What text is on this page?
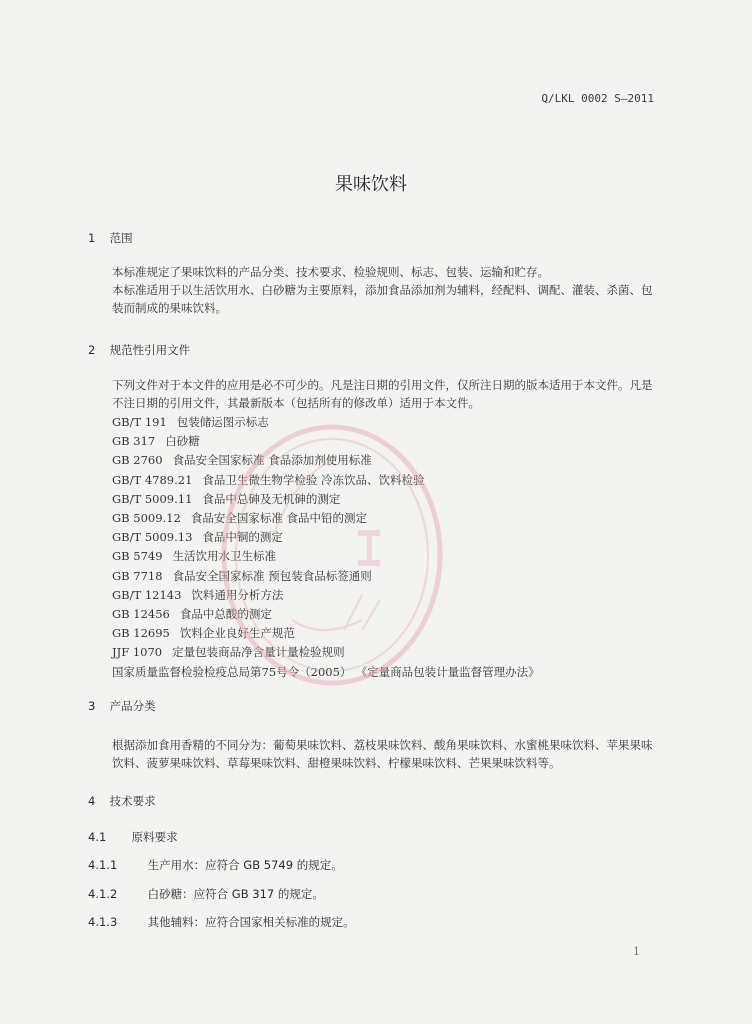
Q/LKL 0002 S—2011
果味饮料
1 范围
本标准规定了果味饮料的产品分类、技术要求、检验规则、标志、包装、运输和贮存。
本标准适用于以生活饮用水、白砂糖为主要原料，添加食品添加剂为辅料，经配料、调配、灌装、杀菌、包装而制成的果味饮料。
2 规范性引用文件
下列文件对于本文件的应用是必不可少的。凡是注日期的引用文件，仅所注日期的版本适用于本文件。凡是不注日期的引用文件，其最新版本（包括所有的修改单）适用于本文件。
GB/T 191 包装储运图示标志
GB 317 白砂糖
GB 2760 食品安全国家标准 食品添加剂使用标准
GB/T 4789.21 食品卫生微生物学检验 冷冻饮品、饮料检验
GB/T 5009.11 食品中总砷及无机砷的测定
GB 5009.12 食品安全国家标准 食品中铅的测定
GB/T 5009.13 食品中铜的测定
GB 5749 生活饮用水卫生标准
GB 7718 食品安全国家标准 预包装食品标签通则
GB/T 12143 饮料通用分析方法
GB 12456 食品中总酸的测定
GB 12695 饮料企业良好生产规范
JJF 1070 定量包装商品净含量计量检验规则
国家质量监督检验检疫总局第75号令（2005） 《定量商品包装计量监督管理办法》
3 产品分类
根据添加食用香精的不同分为：葡萄果味饮料、荔枝果味饮料、酸角果味饮料、水蜜桃果味饮料、苹果果味饮料、菠萝果味饮料、草莓果味饮料、甜橙果味饮料、柠檬果味饮料、芒果果味饮料等。
4 技术要求
4.1 原料要求
4.1.1	生产用水：应符合 GB 5749 的规定。
4.1.2	白砂糖：应符合 GB 317 的规定。
4.1.3	其他辅料：应符合国家相关标准的规定。
1
